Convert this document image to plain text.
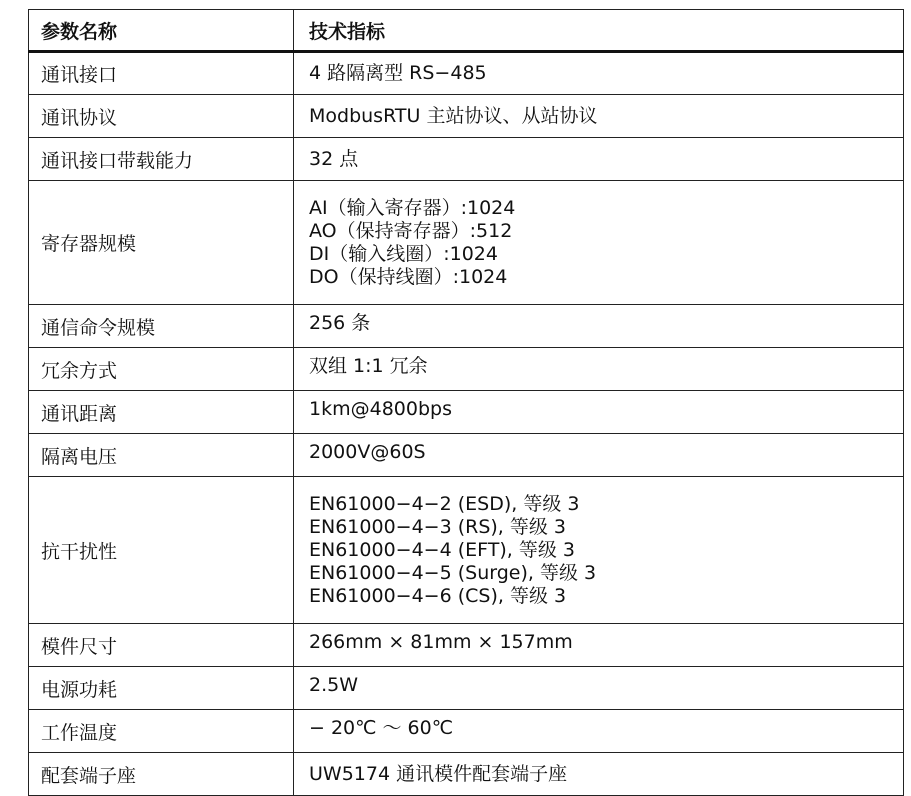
参数名称	技术指标
通讯接口	4 路隔离型 RS−485

通讯协议	ModbusRTU 主站协议、从站协议

通讯接口带载能力	32 点

寄存器规模	AI（输入寄存器）:1024
AO（保持寄存器）:512
DI（输入线圈）:1024
DO（保持线圈）:1024

通信命令规模	256 条

冗余方式	双组 1:1 冗余

通讯距离	1km@4800bps

隔离电压	2000V@60S

抗干扰性	EN61000−4−2 (ESD), 等级 3
EN61000−4−3 (RS), 等级 3
EN61000−4−4 (EFT), 等级 3
EN61000−4−5 (Surge), 等级 3
EN61000−4−6 (CS), 等级 3

模件尺寸	266mm × 81mm × 157mm

电源功耗	2.5W

工作温度	− 20℃ ～ 60℃

配套端子座	UW5174 通讯模件配套端子座
